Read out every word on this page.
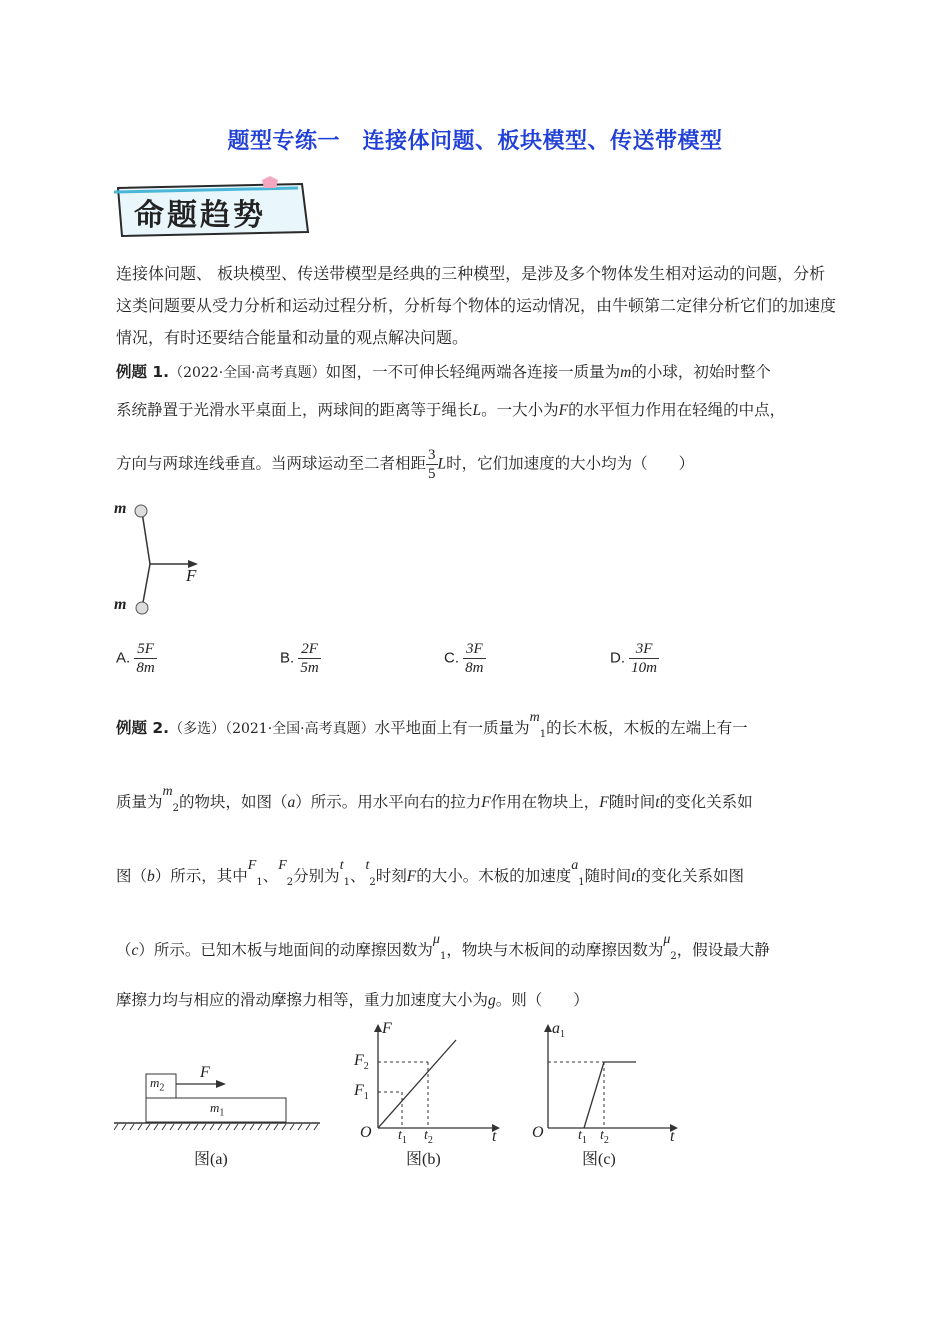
题型专练一　连接体问题、板块模型、传送带模型
命题趋势
连接体问题、 板块模型、传送带模型是经典的三种模型，是涉及多个物体发生相对运动的问题，分析这类问题要从受力分析和运动过程分析，分析每个物体的运动情况，由牛顿第二定律分析它们的加速度情况，有时还要结合能量和动量的观点解决问题。
例题 1.（2022·全国·高考真题）如图，一不可伸长轻绳两端各连接一质量为m的小球，初始时整个
系统静置于光滑水平桌面上，两球间的距离等于绳长L。一大小为F的水平恒力作用在轻绳的中点，
方向与两球连线垂直。当两球运动至二者相距 $\frac{3}{5}$ L时，它们加速度的大小均为（　　）
m
m
F
A. $\frac{5F}{8m}$	B. $\frac{2F}{5m}$	C. $\frac{3F}{8m}$	D. $\frac{3F}{10m}$
例题 2.（多选）（2021·全国·高考真题）水平地面上有一质量为$m_1$的长木板，木板的左端上有一
质量为$m_2$的物块，如图（a）所示。用水平向右的拉力F作用在物块上，F随时间t的变化关系如
图（b）所示，其中$F_1$、$F_2$分别为$t_1$、$t_2$时刻F的大小。木板的加速度$a_1$随时间t的变化关系如图
（c）所示。已知木板与地面间的动摩擦因数为$\mu_1$，物块与木板间的动摩擦因数为$\mu_2$，假设最大静
摩擦力均与相应的滑动摩擦力相等，重力加速度大小为g。则（　　）
$m_2$
$m_1$
F
图(a)
F
$F_2$
$F_1$
O $t_1$ $t_2$	t
图(b)
$a_1$
O $t_1$ $t_2$	t
图(c)
